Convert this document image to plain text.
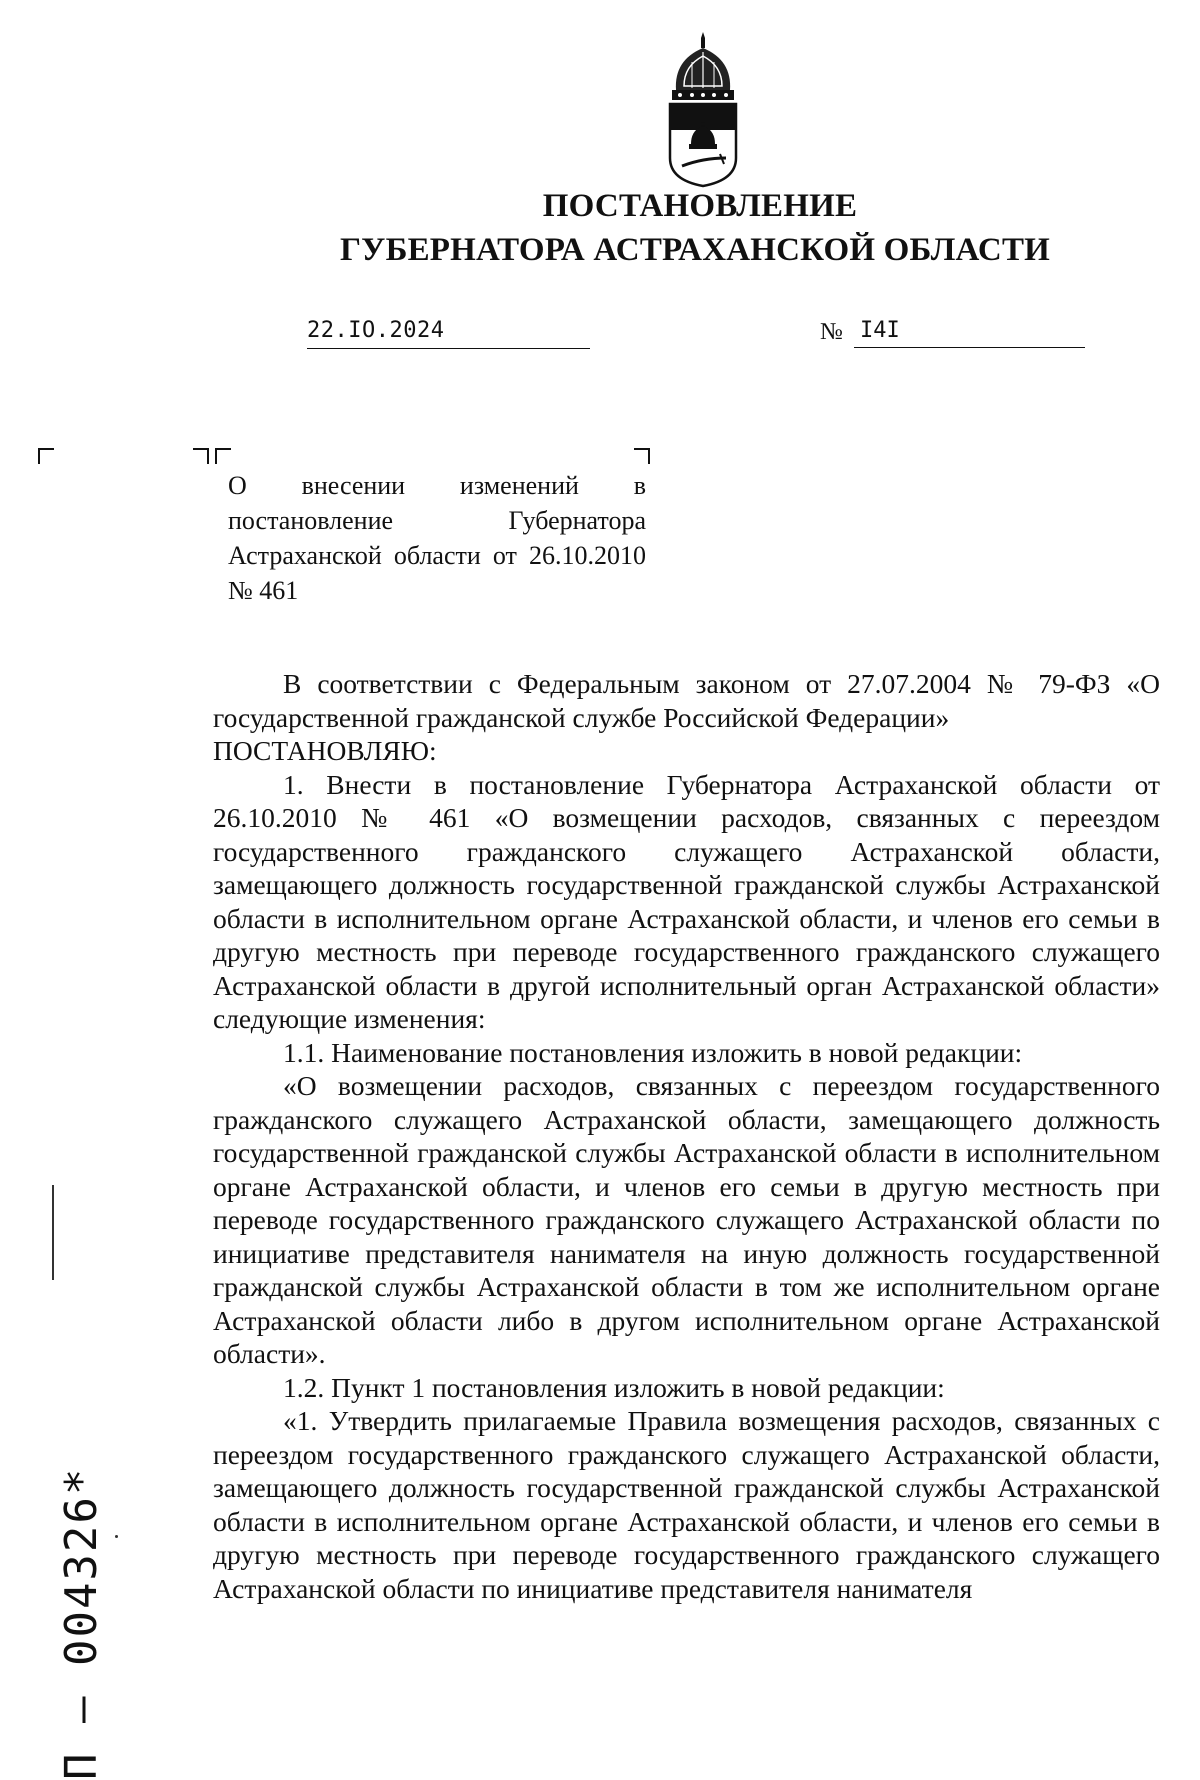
ПОСТАНОВЛЕНИЕ
ГУБЕРНАТОРА АСТРАХАНСКОЙ ОБЛАСТИ
22.IO.2024	№ I4I

О внесении изменений в постановление Губернатора Астраханской области от 26.10.2010 № 461

В соответствии с Федеральным законом от 27.07.2004 № 79-ФЗ «О государственной гражданской службе Российской Федерации»

ПОСТАНОВЛЯЮ:

1. Внести в постановление Губернатора Астраханской области от 26.10.2010 № 461 «О возмещении расходов, связанных с переездом государственного гражданского служащего Астраханской области, замещающего должность государственной гражданской службы Астраханской области в исполнительном органе Астраханской области, и членов его семьи в другую местность при переводе государственного гражданского служащего Астраханской области в другой исполнительный орган Астраханской области» следующие изменения:

1.1. Наименование постановления изложить в новой редакции:

«О возмещении расходов, связанных с переездом государственного гражданского служащего Астраханской области, замещающего должность государственной гражданской службы Астраханской области в исполнительном органе Астраханской области, и членов его семьи в другую местность при переводе государственного гражданского служащего Астраханской области по инициативе представителя нанимателя на иную должность государственной гражданской службы Астраханской области в том же исполнительном органе Астраханской области либо в другом исполнительном органе Астраханской области».

1.2. Пункт 1 постановления изложить в новой редакции:

«1. Утвердить прилагаемые Правила возмещения расходов, связанных с переездом государственного гражданского служащего Астраханской области, замещающего должность государственной гражданской службы Астраханской области в исполнительном органе Астраханской области, и членов его семьи в другую местность при переводе государственного гражданского служащего Астраханской области по инициативе представителя нанимателя

П – 004326*
